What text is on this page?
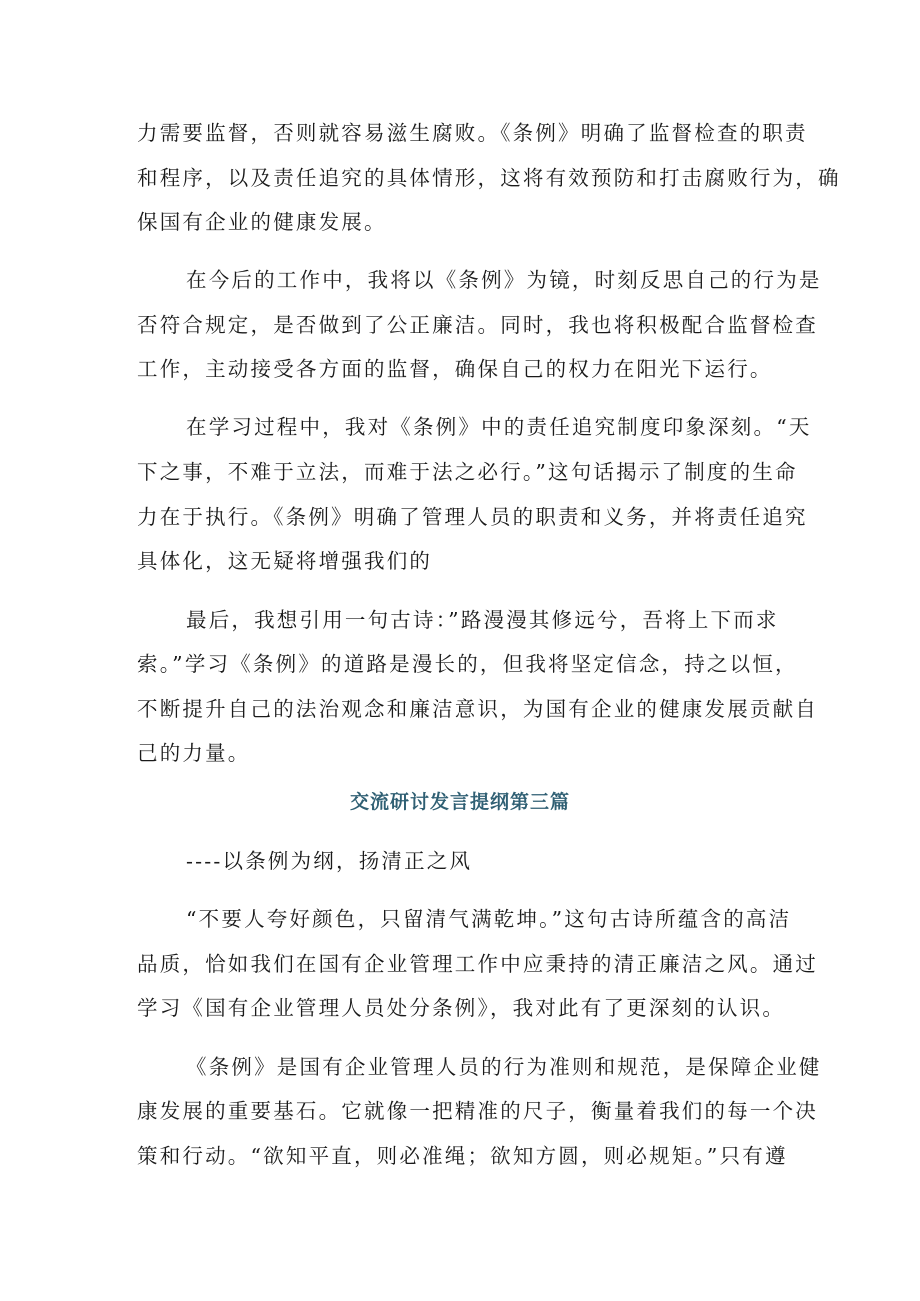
力需要监督，否则就容易滋生腐败。《条例》明确了监督检查的职责
和程序，以及责任追究的具体情形，这将有效预防和打击腐败行为，确
保国有企业的健康发展。
在今后的工作中，我将以《条例》为镜，时刻反思自己的行为是
否符合规定，是否做到了公正廉洁。同时，我也将积极配合监督检查
工作，主动接受各方面的监督，确保自己的权力在阳光下运行。
在学习过程中，我对《条例》中的责任追究制度印象深刻。“天
下之事，不难于立法，而难于法之必行。”这句话揭示了制度的生命
力在于执行。《条例》明确了管理人员的职责和义务，并将责任追究
具体化，这无疑将增强我们的
最后，我想引用一句古诗：”路漫漫其修远兮，吾将上下而求
索。”学习《条例》的道路是漫长的，但我将坚定信念，持之以恒，
不断提升自己的法治观念和廉洁意识，为国有企业的健康发展贡献自
己的力量。
交流研讨发言提纲第三篇
----以条例为纲，扬清正之风
“不要人夸好颜色，只留清气满乾坤。”这句古诗所蕴含的高洁
品质，恰如我们在国有企业管理工作中应秉持的清正廉洁之风。通过
学习《国有企业管理人员处分条例》，我对此有了更深刻的认识。
《条例》是国有企业管理人员的行为准则和规范，是保障企业健
康发展的重要基石。它就像一把精准的尺子，衡量着我们的每一个决
策和行动。“欲知平直，则必准绳；欲知方圆，则必规矩。”只有遵
